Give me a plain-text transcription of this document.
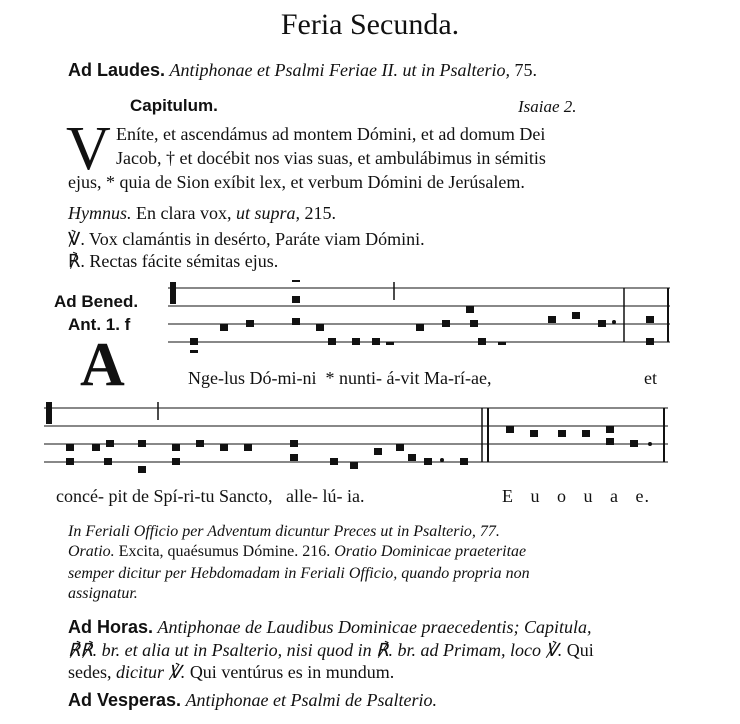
Feria Secunda.
Ad Laudes. Antiphonae et Psalmi Feriae II. ut in Psalterio, 75.
Capitulum.	Isaiae 2.
V Eníte, et ascendámus ad montem Dómini, et ad domum Dei
Jacob, † et docébit nos vias suas, et ambulábimus in sémitis
ejus, * quia de Sion exíbit lex, et verbum Dómini de Jerúsalem.
Hymnus. En clara vox, ut supra, 215.
℣. Vox clamántis in desérto, Paráte viam Dómini.
℟. Rectas fácite sémitas ejus.
Ad Bened.
Ant. 1. f
A	Nge-lus Dó-mi-ni * nunti- á-vit Ma-rí-ae,	et
concé- pit de Spí-ri-tu Sancto, alle- lú- ia.	E u o u a e.
In Feriali Officio per Adventum dicuntur Preces ut in Psalterio, 77.
Oratio. Excita, quaésumus Dómine. 216. Oratio Dominicae praeteritae
semper dicitur per Hebdomadam in Feriali Officio, quando propria non
assignatur.
Ad Horas. Antiphonae de Laudibus Dominicae praecedentis; Capitula,
℟℟. br. et alia ut in Psalterio, nisi quod in ℟. br. ad Primam, loco ℣. Qui
sedes, dicitur ℣. Qui ventúrus es in mundum.
Ad Vesperas. Antiphonae et Psalmi de Psalterio.
